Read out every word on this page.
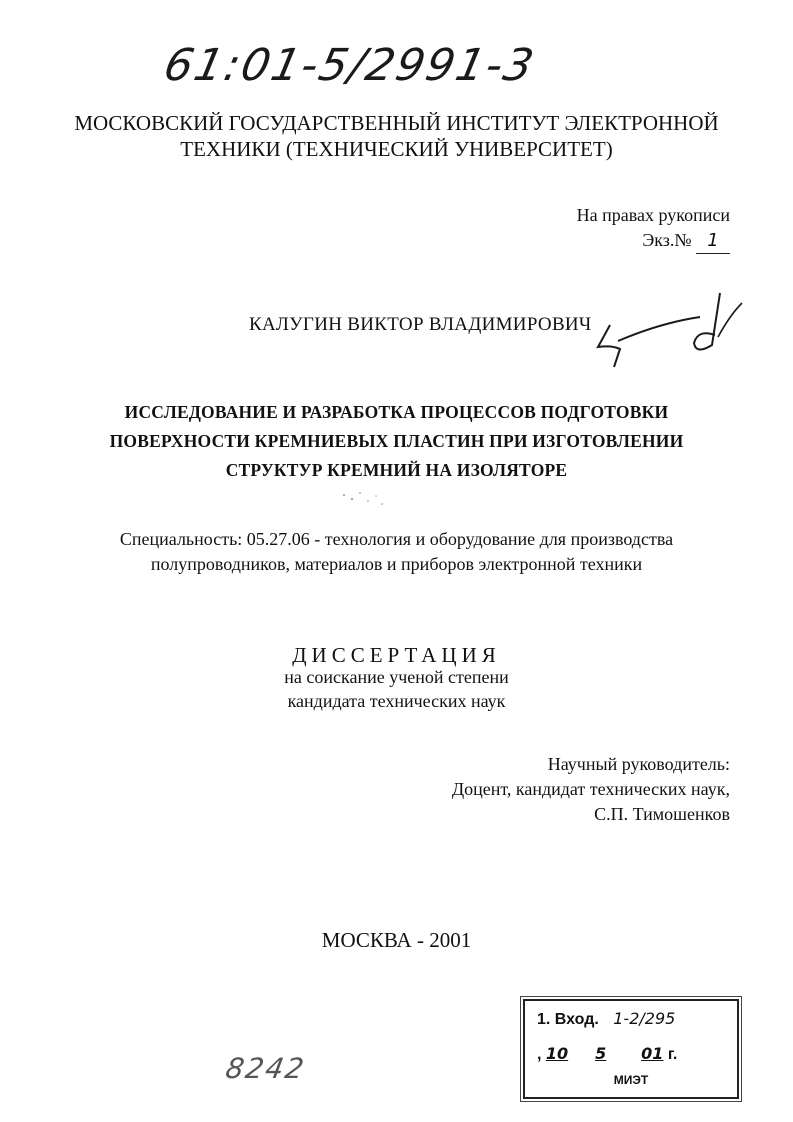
61:01-5/2991-3
МОСКОВСКИЙ ГОСУДАРСТВЕННЫЙ ИНСТИТУТ ЭЛЕКТРОННОЙ
ТЕХНИКИ (ТЕХНИЧЕСКИЙ УНИВЕРСИТЕТ)
На правах рукописи
Экз.№ 1
КАЛУГИН ВИКТОР ВЛАДИМИРОВИЧ
ИССЛЕДОВАНИЕ И РАЗРАБОТКА ПРОЦЕССОВ ПОДГОТОВКИ
ПОВЕРХНОСТИ КРЕМНИЕВЫХ ПЛАСТИН ПРИ ИЗГОТОВЛЕНИИ
СТРУКТУР КРЕМНИЙ НА ИЗОЛЯТОРЕ
Специальность: 05.27.06 - технология и оборудование для производства
полупроводников, материалов и приборов электронной техники
ДИССЕРТАЦИЯ
на соискание ученой степени
кандидата технических наук
Научный руководитель:
Доцент, кандидат технических наук,
С.П. Тимошенков
МОСКВА - 2001
1. Вход. 1-2/295
, 10 5 01 г.
МИЭТ
8242
